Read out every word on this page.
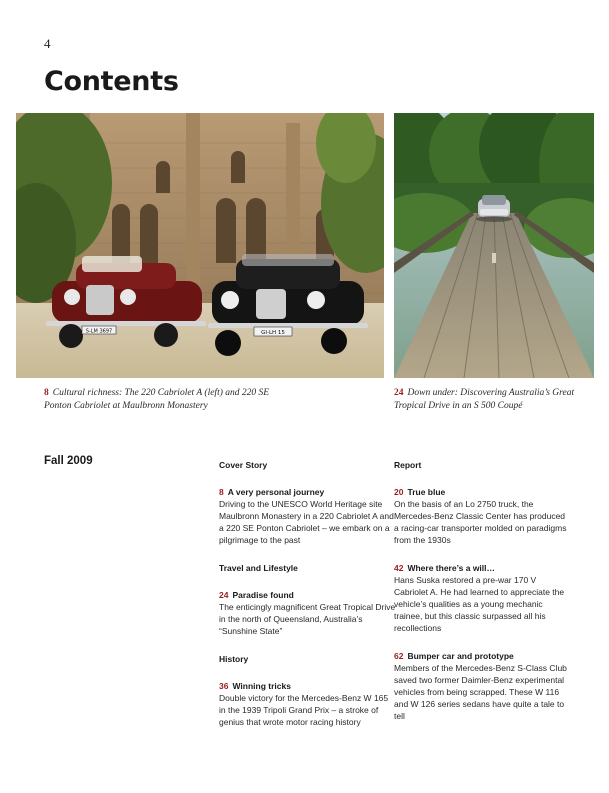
4
Contents
S-LM 3697	GI-LH 15
8 Cultural richness: The 220 Cabriolet A (left) and 220 SE Ponton Cabriolet at Maulbronn Monastery
24 Down under: Discovering Australia’s Great Tropical Drive in an S 500 Coupé
Fall 2009	Cover Story
8 A very personal journey
Driving to the UNESCO World Heritage site Maulbronn Monastery in a 220 Cabriolet A and a 220 SE Ponton Cabriolet – we embark on a pilgrimage to the past
Travel and Lifestyle
24 Paradise found
The enticingly magnificent Great Tropical Drive in the north of Queensland, Australia’s “Sunshine State”
History
36 Winning tricks
Double victory for the Mercedes-Benz W 165 in the 1939 Tripoli Grand Prix – a stroke of genius that wrote motor racing history
Report
20 True blue
On the basis of an Lo 2750 truck, the Mercedes-Benz Classic Center has produced a racing-car transporter molded on paradigms from the 1930s
42 Where there’s a will…
Hans Suska restored a pre-war 170 V Cabriolet A. He had learned to appreciate the vehicle’s qualities as a young mechanic trainee, but this classic surpassed all his recollections
62 Bumper car and prototype
Members of the Mercedes-Benz S-Class Club saved two former Daimler-Benz experimental vehicles from being scrapped. These W 116 and W 126 series sedans have quite a tale to tell
